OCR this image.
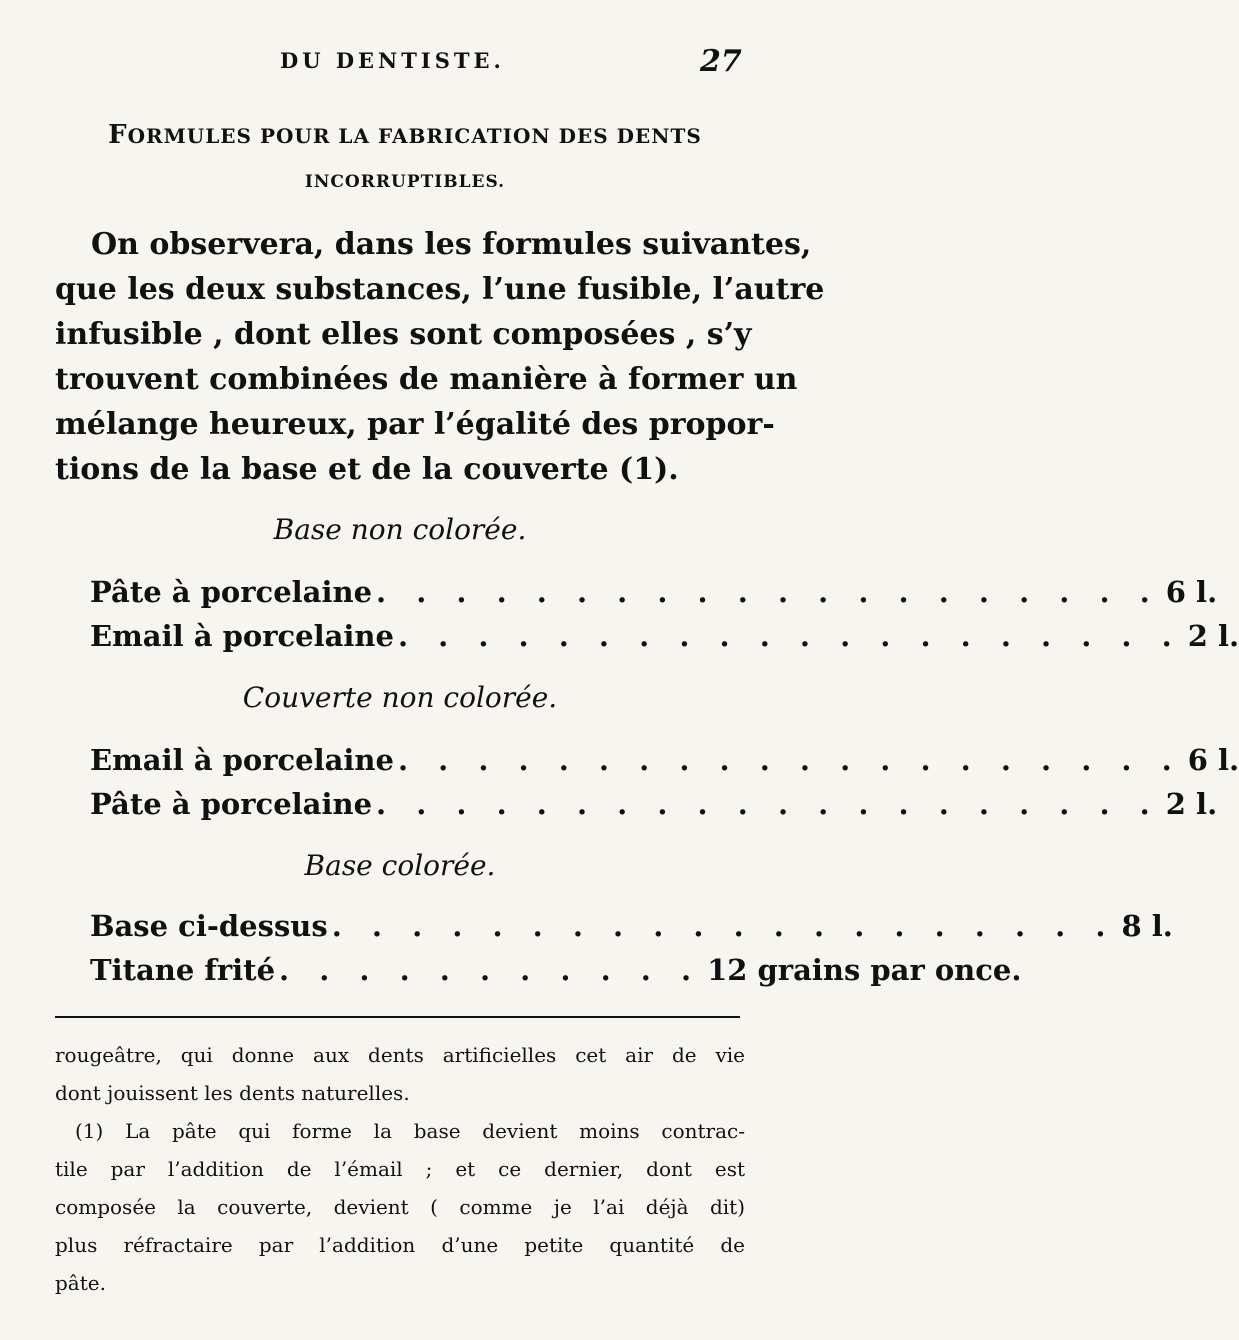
DU DENTISTE.	27
FORMULES POUR LA FABRICATION DES DENTS
INCORRUPTIBLES.
On observera, dans les formules suivantes,
que les deux substances, l’une fusible, l’autre
infusible , dont elles sont composées , s’y
trouvent combinées de manière à former un
mélange heureux, par l’égalité des propor-
tions de la base et de la couverte (1).
Base non colorée.
Pâte à porcelaine . . . . . . . . . . . . . . . . . . . . 6 l.
Email à porcelaine . . . . . . . . . . . . . . . . . . . . 2 l.
Couverte non colorée.
Email à porcelaine . . . . . . . . . . . . . . . . . . . . 6 l.
Pâte à porcelaine . . . . . . . . . . . . . . . . . . . . 2 l.
Base colorée.
Base ci-dessus . . . . . . . . . . . . . . . . . . . . 8 l.
Titane frité . . . . . . . . . . . 12 grains par once.
rougeâtre, qui donne aux dents artificielles cet air de vie
dont jouissent les dents naturelles.
(1) La pâte qui forme la base devient moins contrac-
tile par l’addition de l’émail ; et ce dernier, dont est
composée la couverte, devient ( comme je l’ai déjà dit)
plus réfractaire par l’addition d’une petite quantité de
pâte.
